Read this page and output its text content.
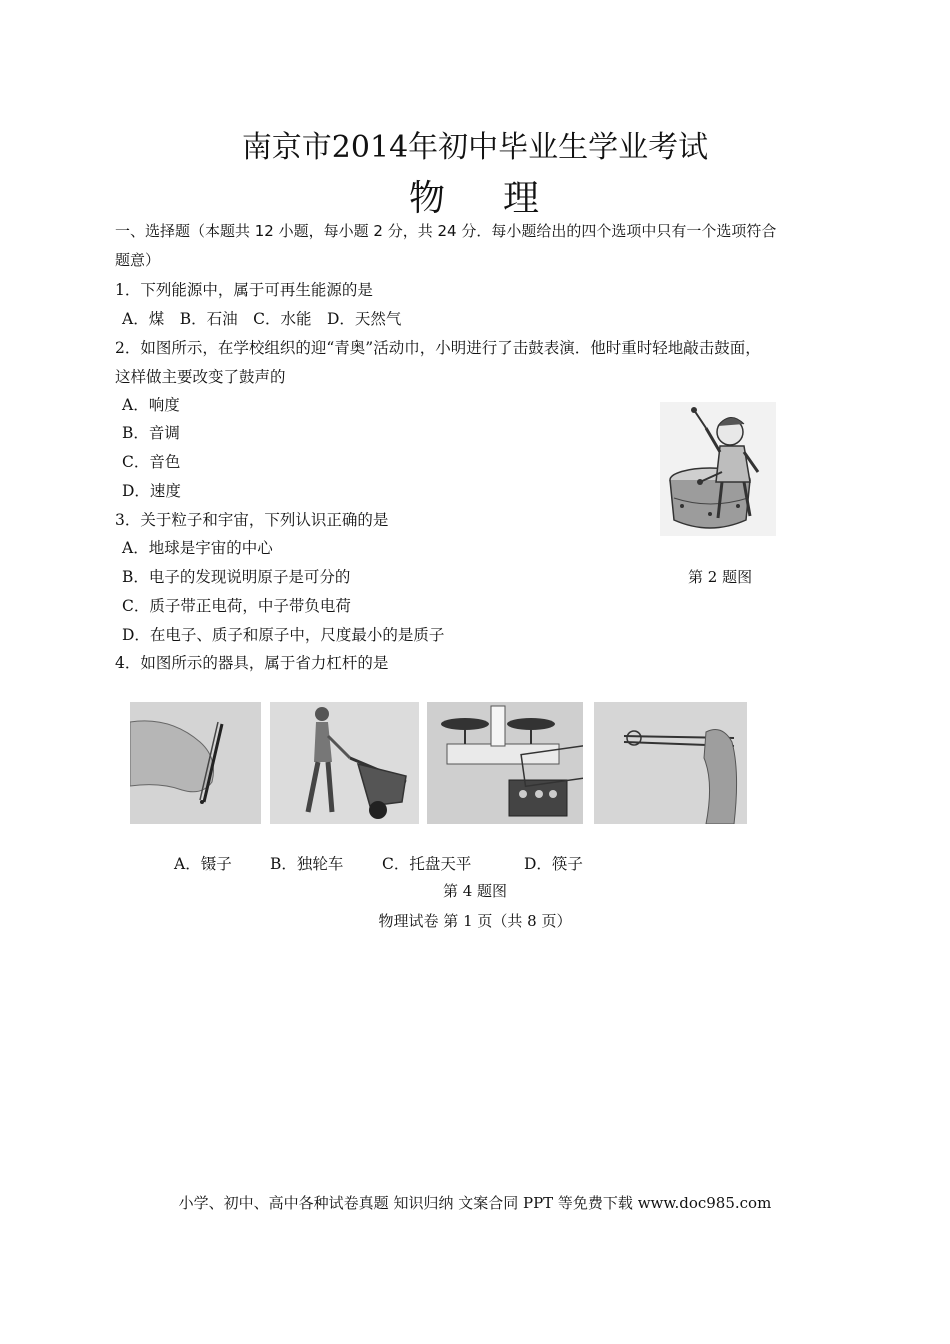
南京市2014年初中毕业生学业考试
物 理
一、选择题（本题共 12 小题，每小题 2 分，共 24 分．每小题给出的四个选项中只有一个选项符合
题意）
1．下列能源中，属于可再生能源的是
A．煤　B．石油　C．水能　D．天然气
2．如图所示，在学校组织的迎“青奥”活动巾，小明进行了击鼓表演．他时重时轻地敲击鼓面，
这样做主要改变了鼓声的
A．响度
B．音调
C．音色
D．速度
第 2 题图
3．关于粒子和宇宙，下列认识正确的是
A．地球是宇宙的中心
B．电子的发现说明原子是可分的
C．质子带正电荷，中子带负电荷
D．在电子、质子和原子中，尺度最小的是质子
4．如图所示的器具，属于省力杠杆的是
A．镊子 B．独轮车 C．托盘天平	D．筷子
第 4 题图
物理试卷 第 1 页（共 8 页）
小学、初中、高中各种试卷真题 知识归纳 文案合同 PPT 等免费下载 www.doc985.com
